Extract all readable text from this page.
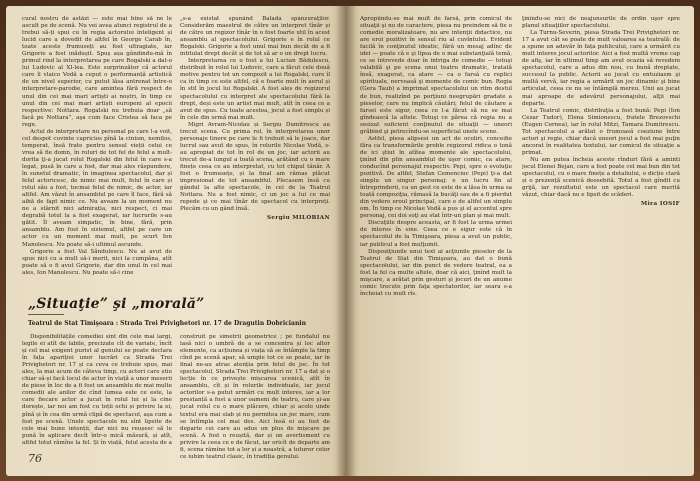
cural nostru de astăzi — este mai bine să ne le ascult pe de scenă. Nu vei avea atunci registrul de a trebui să-ți spui cu în regia actorului inteligent și lucid care a dovedit de altfel în George Carab în, toate aceste frumuseți au fost ultragiate, iar Grigorie a fost inădușit. Spuș așa gândindu-mă în primul rind la interpretarea pe care Rogalski a dat-o lui Ludovic al XI-lea. Este surprinzător că actorul care îl vlaico Vodă a ceput o performanță artistică de un nivel superior, cu putut lăsa antrenat între-o interpretare-parodie, care amintea fără respect de unul din cei mai mari artiști ai noștri, în timp ce unul din cei mai mari artiști europeni al epocii respective: Nottara. Rogalski nu trebuia doar „să facă pe Nottara”, aşa cum face Cristea să faca pe rege.

Actul de interpretare nu personal pe care l-a voit, cel despot cuvinte capricios pînă la cinism, nemilos, temperat, însă frate pentru sensul vieții celui ce vrea să fie domn, în roluri de tot fel de felul a mult-dorita ţi-a jucat rolul Rogalski din felul în care s-a legat, pusă în care a fost, dar mai ales răspundere, în sunetul dramatic, în imaginea spectacolul, dar și felul actoricesc, de nimic mai mult, felul în care și rolul său a fost, tocmai felul de nimic, de actor, iar altfel. Am văzut în ansamblul pe care îl face, fără să aibă de fapt nimic ce. Nu aveam la un moment nu ne a stârnit nici admirația, nici respect, ci mai degrabă totul la a fost exagerat, iar lucrurile s-au gătit. Îl aveam simpatic, în bine, fără, prin ansamblu. Am fost în sistemul, altfel pe care un actor cu un moment mai mult, pe scurt Ion Manolescu. Nu poate să-i ultimul ascunde.

Grigorie a fost Val Săndulescu. Nu ai avut de spus nici cu a mult să-i merit, nici la cumpăna, atît poate să o fi avut Grigorie, dar din unul în cel mai ales, Ion Manolescu. Nu poate să-i cine

„s-a existat spunând Balada spânzuraţilor. Considerăm maestrul de către un interpret tînăr și de către un regizor tînăr în o fost foarte util în acest ansamblu al spectacolului. Grigorie e în rolul ce Rogalski. Grigorie a fost unul mai bun decât de a fi intitulat drept decât și de tot să ar o un drept lucru.

Interpretarea ce o fost a lui Lucian Bădulescu, distribuit în rolul lui Ludovic, care a făcut cele două motive pentru tot un compozit a lui Rogalski, care îl ca în timp ce este altfel, că e foarte mult în aerul și în stil în jocul lui Rogalski. A fost ales de regizorul spectacolului cu interpret ale spectacolului fără la drept, deși este un artist mai mult, atît în ceea ce a avut de spus. Cu toate acestea, jocul a fost simplu și în cele din urmă mai mult.

Migri Avram-Nicolau și Sergiu Dumitrescu au trecut scena. Cu prima rol, în interpretarea unor personaje tinere pe care le fi trebuit să le joace, dar lucrul sau avut de spus, în rolurile Nicolae Vodă, s-au apropiat de tot în rol de un joc, iar actorii au trecut de-a lungul a toată scena, arătând cu o mare finețe ceea ce au interpretat, cu tot chipul tânăr. A fost o frumusețe, și la final am rămas plăcut impresionat de tot ansamblul. Plecasem însă cu gândul la alte spectacole, în cel de la Teatrul Nottara. Nu a fost nimic, ci un joc a lui ce mai repede și ce mai tînăr de spectacol cu interpreți. Plecăm cu un gând însă.

Sergiu MILOBIAN
„Situaţie” şi „morală”
Teatrul de Stat Timişoara : Strada Trei Privighetori nr. 17 de Dragutin Dobricianin

Disponibilitățile comediei sînt din cele mai largi, legile ei atît de labile, precizate cît de variate, încît și cel mai exigent purist al genului se poate declara în fața apariției unor lucrări ca Strada Trei Privighetori nr. 17 și ca ceva ce trebuie spus, mai ales, la mai acum de câteva timp, cu actori care știu chiar să-și facă locul de actor în viață a unor meserii de piese în loc de a fi fost un ansamblu de mai multe comedii ale anilor de cînd lumea este ce este, la care fiecare actor a jucat în rolul lui și la cine dorește, iar noi am fost cu toții ochi și privire la ei, pînă și în cea din urmă clipă de spectacol, așa cum a fost pe scenă. Unele spectacole nu sînt lipsite de cele mai bune intenții, dar nici nu reușesc să le pună în aplicare decît într-o mică măsură, și atît, altfel totul rămîne la fel. Și în viață, felul acesta de a

construit pe simetrii geometrice ; pe fundalul nu lasă nici o umbră de a se concentra și loc altor elemente, ca acțiunea și viața să se întâmple la timp cînd pe scenă apar, să umple tot ce se poate, iar în final ne-au atras atenția prin felul de joc. În tot spectacolul, Strada Trei Privighetori nr. 17 a dat și o lecție în ce privește mișcarea scenică, atît în ansamblu, cît și în rolurile individuale, iar jocul actorilor s-a putut urmări cu mult interes, iar a lor prestanță a fost a unor oameni de teatru, care și-au jucat rolul cu o mare plăcere, chiar și acolo unde textul era mai slab și nu permitea un joc mare, cum se întîmpla cel mai des. Aici însă ei au fost de departe cei care au adus un plus de mișcare pe scenă. A fost o reușită, dar și un avertisment cu privire la ceea ce e de făcut, iar oricît de departe am fi, scena rămîne tot a lor și a noastră, a tuturor celor ce iubim teatrul clasic, în tradiția genului.

76

Apropiindu-se mai mult de farsă, prin comicul de situaţii şi nu de caractere, piesa nu preindem să fie o comedie moralizatoare, nu are intenţii didactice, nu are eroi pozitivi în sensul riu al cuvîntului. Evident facilă în conţinutul ideatic, fără un mesaj adînc de idei — poate că e şi lipsa de o mai substanţială temă, ce se întrevede doar în intriga de comedie — totuşi valabilă şi pe scena unui teatru dramatic, tratată însă, exagerat, ca atare — ca o farsă cu replici spirituale, nervoasă şi momente de comic bun. Regia (Gera Taub) a imprimat spectacolului un ritm destul de bun, realizînd pe porţiuni neegrupări gradate a pieselor, care nu implică căutări; felul de căutare a farsei este sigur, ceea ce l-a făcut să nu se mai gîndească la altele. Totuşi ce părea că regia nu a sesizat suficient conţinutul de situaţii — uneori grăbind şi petrecîndu-se superficial unele scene.

Astfel, piesa alipsesi un act de ocoliri, concedie făra ca transformările proble regizorul ridica o tonă de ici ştiut în atîtea momente ale spectacolului, ţinînd din plin ansamblul de uşor comic, ca atare, conducînd personajul respectiv. Pepi, spre o evoluţie pozitivă. De altfel, Stefan Cemenciuc (Pepi) ţi-a dat simplu un singur personaj: e un lucru fin al întreprinderii, ca un gest ce este de a lăsa în urma sa toată compoziţia, rămasă la bucăţi sau de a fi pierdut din vedere eroul principal, care e de altfel un simplu om. În timp ce Nicolae Vodă a pus şi el accentul spre personaj, cei doi soţi au stat într-un plan şi mai mult.

Discuţiile despre aceasta, ar fi fost la urma urmei de interes în sine. Ceea ce e sigur este că în spectacolul de la Timişoara, piesa a avut un public, iar publicul a fost mulţumit.

Dispoziţiunile unui text ai acţiunile pieselor de la Teatrul de Stat din Timişoara, au dat o bună spectacolului, iar din punct de vedere teatral, ea a fost la fel ca multe altele, doar că aici, ţinînd mult la mişcare, a arătat prin gesturi şi jocuri de un anume comic trecute prin faţa spectatorilor, iar seara s-a încheiat cu mult rîs.

ţinîndu-se nici de neajunsurile de ordin uşor spre planul situaţiilor spectacolului.

La Turnu-Severin, piesa Strada Trei Privighetori nr. 17 a avut cât se poate de mult valoarea sa teatrală: de a spune un adevăr în fața publicului, care a urmărit cu mult interes jocul actorilor. Aici a fost multă vreme cap de afiş, iar în ultimul timp am avut ocazia să revedem spectacolul, care a adus din nou, cu bună dreptate, succesul la public. Actorii au jucat cu entuziasm şi multă vervă, iar regia a urmărit un joc dinamic şi bine articulat, ceea ce nu se întâmplă mereu. Unii au jucat mai aproape de adevărul personajului, alţii mai departe.

La Teatrul comic, distribuţia a fost bună: Pepi (Ion Cezar Tudor), Elena Simionescu, fratele Brezovschi (Eugen Cernea), iar în rolul Mitzi, Tamara Dumitrescu. Tot spectacolul a arătat o frumoasă coeziune între actori şi regie, chiar dacă uneori jocul a fost mai puţin ancorat în realitatea textului, iar comicul de situaţie a primat.

Nu am putea încheia aceste rînduri fără a aminti jocul Elenei Bejan, care a fost poate cel mai bun din tot spectacolul, cu o mare finețe a detaliului, o dicție clară și o prezență scenică deosebită. Totul a fost gîndit cu grijă, iar rezultatul este un spectacol care merită văzut, chiar dacă nu e lipsit de scăderi.

Mira IOSIF
